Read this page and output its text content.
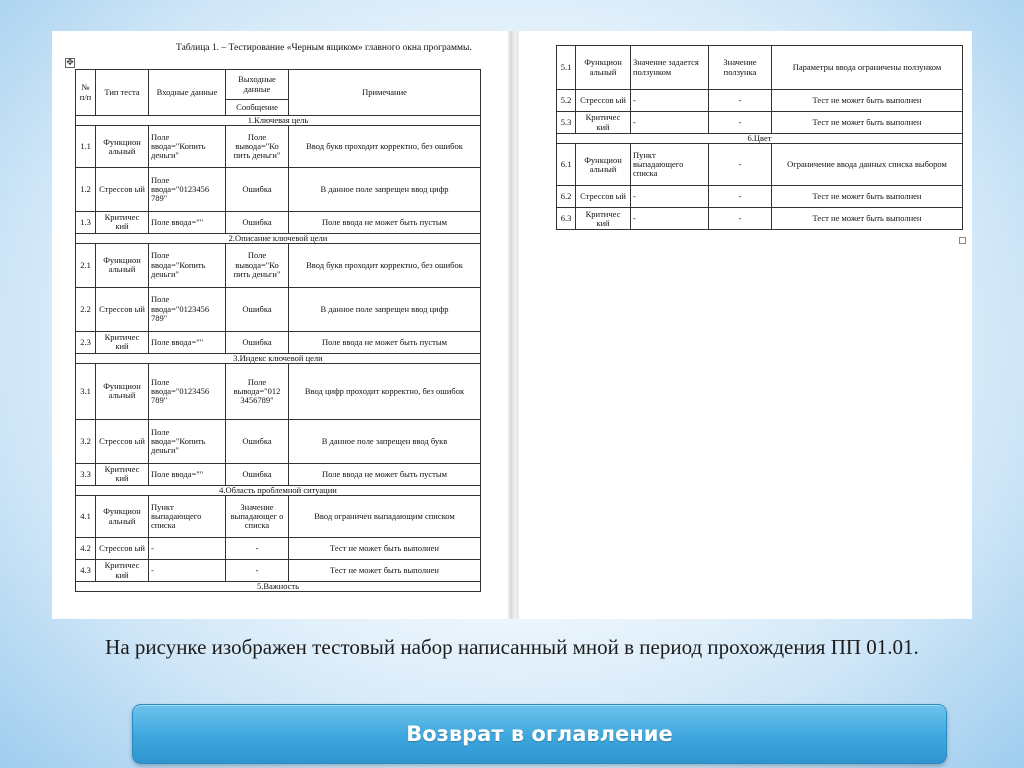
Таблица 1. – Тестирование «Черным ящиком» главного окна программы.
✥
№ п/п	Тип теста	Входные данные	Выходные данные	Примечание
			Сообщение	
1.Ключевая цель				
1.1	Функцион альный	Поле ввода="Копить деньги"	Поле вывода="Ко пить деньги"	Ввод букв проходит корректно, без ошибок
1.2	Стрессов ый	Поле ввода="0123456 789"	Ошибка	В данное поле запрещен ввод цифр
1.3	Критичес кий	Поле ввода=""	Ошибка	Поле ввода не может быть пустым
2.Описание ключевой цели				
2.1	Функцион альный	Поле ввода="Копить деньги"	Поле вывода="Ко пить деньги"	Ввод букв проходит корректно, без ошибок
2.2	Стрессов ый	Поле ввода="0123456 789"	Ошибка	В данное поле запрещен ввод цифр
2.3	Критичес кий	Поле ввода=""	Ошибка	Поле ввода не может быть пустым
3.Индекс ключевой цели				
3.1	Функцион альный	Поле ввода="0123456 789"	Поле вывода="012 3456789"	Ввод цифр проходит корректно, без ошибок
3.2	Стрессов ый	Поле ввода="Копить деньги"	Ошибка	В данное поле запрещен ввод букв
3.3	Критичес кий	Поле ввода=""	Ошибка	Поле ввода не может быть пустым
4.Область проблемной ситуации				
4.1	Функцион альный	Пункт выпадающего списка	Значение выпадающег о списка	Ввод ограничен выпадающим списком
4.2	Стрессов ый	-	-	Тест не может быть выполнен
4.3	Критичес кий	-	-	Тест не может быть выполнен
5.Важность				
5.1	Функцион альный	Значение задается ползунком	Значение ползунка	Параметры ввода ограничены ползунком
5.2	Стрессов ый	-	-	Тест не может быть выполнен
5.3	Критичес кий	-	-	Тест не может быть выполнен
6.Цвет				
6.1	Функцион альный	Пункт выпадающего списка	-	Ограничение ввода данных списка выбором
6.2	Стрессов ый	-	-	Тест не может быть выполнен
6.3	Критичес кий	-	-	Тест не может быть выполнен
На рисунке изображен тестовый набор написанный мной в период прохождения ПП 01.01.
Возврат в оглавление
